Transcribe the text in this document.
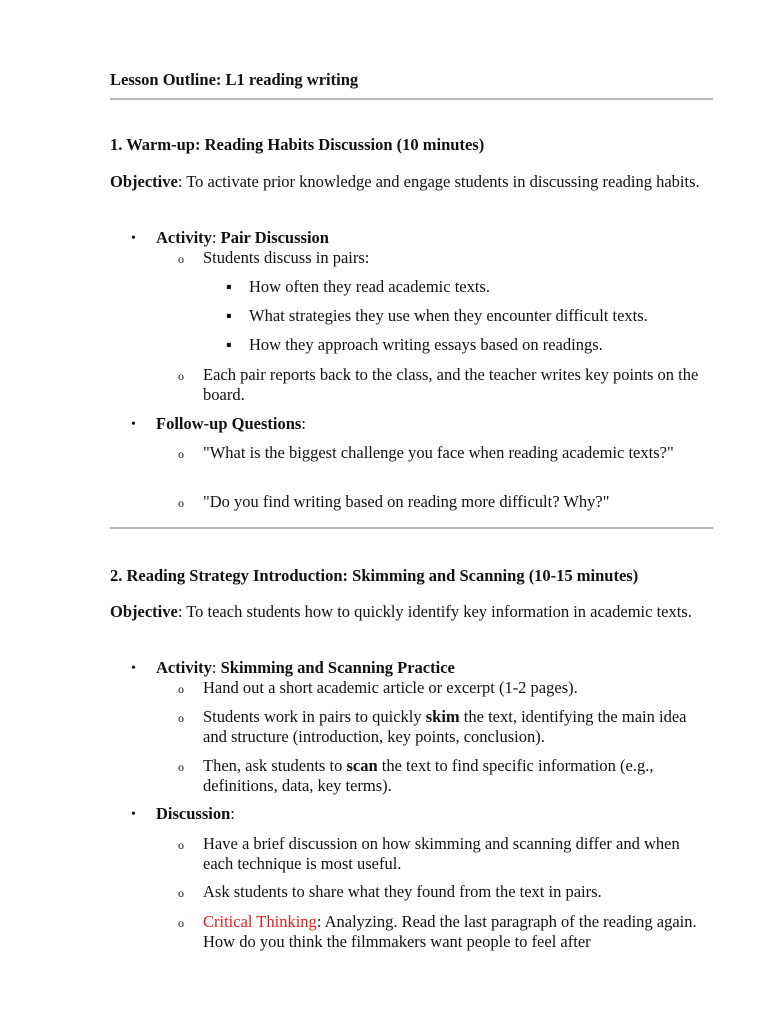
Lesson Outline: L1 reading writing

1. Warm-up: Reading Habits Discussion (10 minutes)

Objective: To activate prior knowledge and engage students in discussing reading habits.

•	Activity: Pair Discussion

o	Students discuss in pairs:

▪	How often they read academic texts.

▪	What strategies they use when they encounter difficult texts.

▪	How they approach writing essays based on readings.

o	Each pair reports back to the class, and the teacher writes key points on the board.

•	Follow-up Questions:

o	"What is the biggest challenge you face when reading academic texts?"

o	"Do you find writing based on reading more difficult? Why?"

2. Reading Strategy Introduction: Skimming and Scanning (10-15 minutes)

Objective: To teach students how to quickly identify key information in academic texts.

•	Activity: Skimming and Scanning Practice

o	Hand out a short academic article or excerpt (1-2 pages).

o	Students work in pairs to quickly skim the text, identifying the main idea and structure (introduction, key points, conclusion).

o	Then, ask students to scan the text to find specific information (e.g., definitions, data, key terms).

•	Discussion:

o	Have a brief discussion on how skimming and scanning differ and when each technique is most useful.

o	Ask students to share what they found from the text in pairs.

o	Critical Thinking: Analyzing. Read the last paragraph of the reading again. How do you think the filmmakers want people to feel after
